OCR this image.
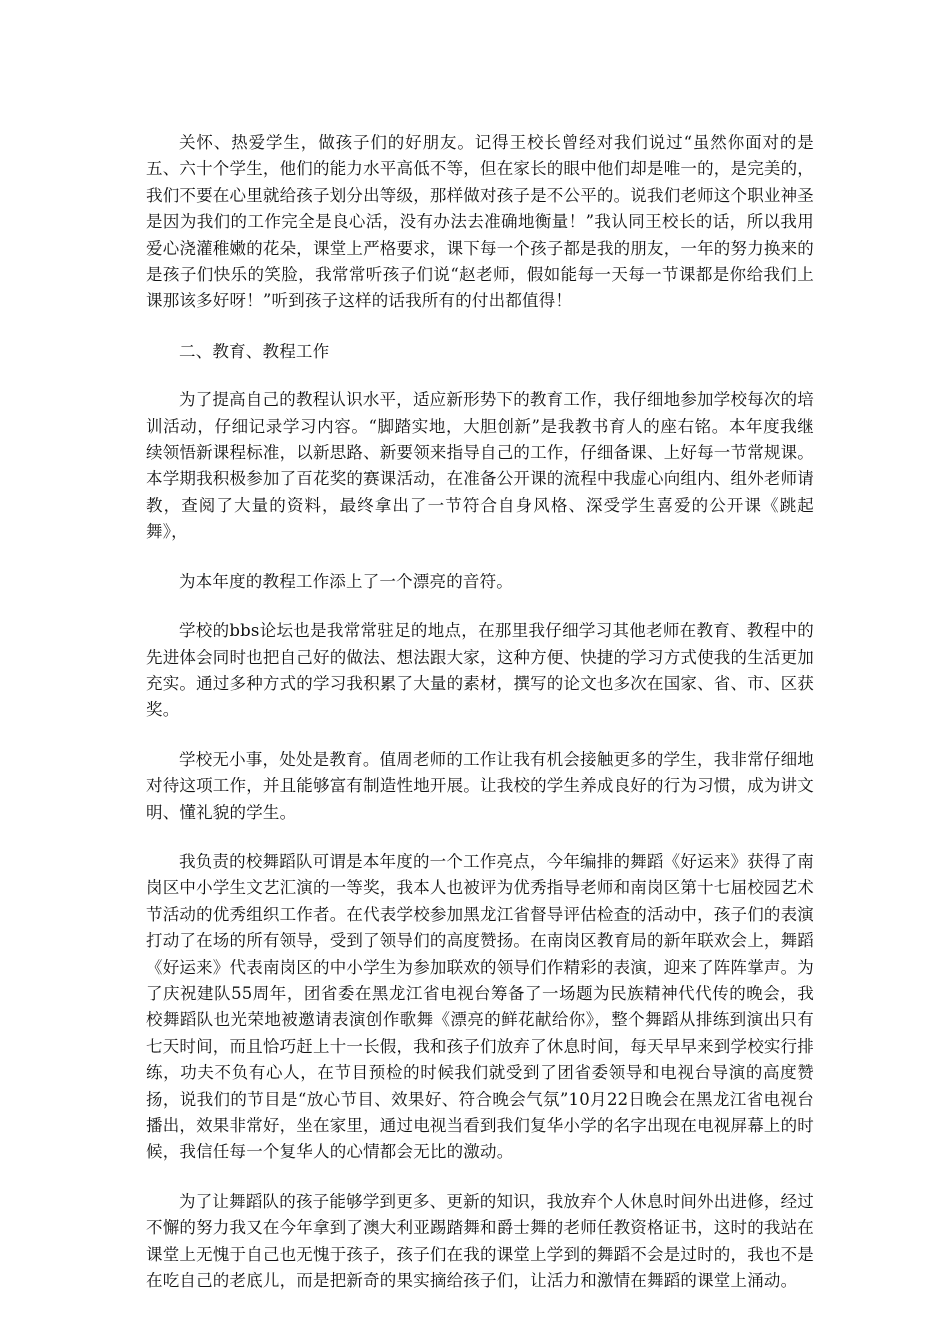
关怀、热爱学生，做孩子们的好朋友。记得王校长曾经对我们说过“虽然你面对的是五、六十个学生，他们的能力水平高低不等，但在家长的眼中他们却是唯一的，是完美的，我们不要在心里就给孩子划分出等级，那样做对孩子是不公平的。说我们老师这个职业神圣是因为我们的工作完全是良心活，没有办法去准确地衡量！”我认同王校长的话，所以我用爱心浇灌稚嫩的花朵，课堂上严格要求，课下每一个孩子都是我的朋友，一年的努力换来的是孩子们快乐的笑脸，我常常听孩子们说“赵老师，假如能每一天每一节课都是你给我们上课那该多好呀！”听到孩子这样的话我所有的付出都值得！

二、教育、教程工作

为了提高自己的教程认识水平，适应新形势下的教育工作，我仔细地参加学校每次的培训活动，仔细记录学习内容。“脚踏实地，大胆创新”是我教书育人的座右铭。本年度我继续领悟新课程标准，以新思路、新要领来指导自己的工作，仔细备课、上好每一节常规课。本学期我积极参加了百花奖的赛课活动，在准备公开课的流程中我虚心向组内、组外老师请教，查阅了大量的资料，最终拿出了一节符合自身风格、深受学生喜爱的公开课《跳起舞》，

为本年度的教程工作添上了一个漂亮的音符。

学校的bbs论坛也是我常常驻足的地点，在那里我仔细学习其他老师在教育、教程中的先进体会同时也把自己好的做法、想法跟大家，这种方便、快捷的学习方式使我的生活更加充实。通过多种方式的学习我积累了大量的素材，撰写的论文也多次在国家、省、市、区获奖。

学校无小事，处处是教育。值周老师的工作让我有机会接触更多的学生，我非常仔细地对待这项工作，并且能够富有制造性地开展。让我校的学生养成良好的行为习惯，成为讲文明、懂礼貌的学生。

我负责的校舞蹈队可谓是本年度的一个工作亮点，今年编排的舞蹈《好运来》获得了南岗区中小学生文艺汇演的一等奖，我本人也被评为优秀指导老师和南岗区第十七届校园艺术节活动的优秀组织工作者。在代表学校参加黑龙江省督导评估检查的活动中，孩子们的表演打动了在场的所有领导，受到了领导们的高度赞扬。在南岗区教育局的新年联欢会上，舞蹈《好运来》代表南岗区的中小学生为参加联欢的领导们作精彩的表演，迎来了阵阵掌声。为了庆祝建队55周年，团省委在黑龙江省电视台筹备了一场题为民族精神代代传的晚会，我校舞蹈队也光荣地被邀请表演创作歌舞《漂亮的鲜花献给你》，整个舞蹈从排练到演出只有七天时间，而且恰巧赶上十一长假，我和孩子们放弃了休息时间，每天早早来到学校实行排练，功夫不负有心人，在节目预检的时候我们就受到了团省委领导和电视台导演的高度赞扬，说我们的节目是“放心节目、效果好、符合晚会气氛”10月22日晚会在黑龙江省电视台播出，效果非常好，坐在家里，通过电视当看到我们复华小学的名字出现在电视屏幕上的时候，我信任每一个复华人的心情都会无比的激动。

为了让舞蹈队的孩子能够学到更多、更新的知识，我放弃个人休息时间外出进修，经过不懈的努力我又在今年拿到了澳大利亚踢踏舞和爵士舞的老师任教资格证书，这时的我站在课堂上无愧于自己也无愧于孩子，孩子们在我的课堂上学到的舞蹈不会是过时的，我也不是在吃自己的老底儿，而是把新奇的果实摘给孩子们，让活力和激情在舞蹈的课堂上涌动。
